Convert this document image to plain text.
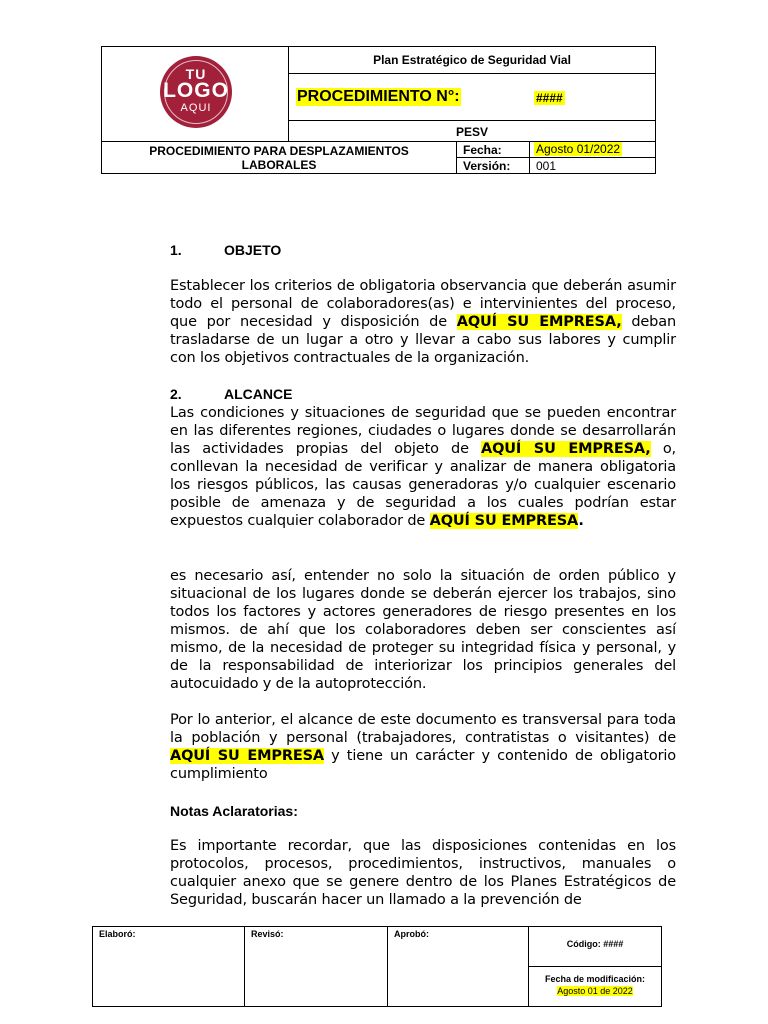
TU
LOGO
AQUI
Plan Estratégico de Seguridad Vial
PROCEDIMIENTO N°:	####
PESV
PROCEDIMIENTO PARA DESPLAZAMIENTOS
LABORALES
Fecha:	Agosto 01/2022
Versión: 001
1.	OBJETO

Establecer los criterios de obligatoria observancia que deberán asumir todo el personal de colaboradores(as) e intervinientes del proceso, que por necesidad y disposición de AQUÍ SU EMPRESA, deban trasladarse de un lugar a otro y llevar a cabo sus labores y cumplir con los objetivos contractuales de la organización.

2.	ALCANCE

Las condiciones y situaciones de seguridad que se pueden encontrar en las diferentes regiones, ciudades o lugares donde se desarrollarán las actividades propias del objeto de AQUÍ SU EMPRESA, o, conllevan la necesidad de verificar y analizar de manera obligatoria los riesgos públicos, las causas generadoras y/o cualquier escenario posible de amenaza y de seguridad a los cuales podrían estar expuestos cualquier colaborador de AQUÍ SU EMPRESA.

es necesario así, entender no solo la situación de orden público y situacional de los lugares donde se deberán ejercer los trabajos, sino todos los factores y actores generadores de riesgo presentes en los mismos. de ahí que los colaboradores deben ser conscientes así mismo, de la necesidad de proteger su integridad física y personal, y de la responsabilidad de interiorizar los principios generales del autocuidado y de la autoprotección.

Por lo anterior, el alcance de este documento es transversal para toda la población y personal (trabajadores, contratistas o visitantes) de AQUÍ SU EMPRESA y tiene un carácter y contenido de obligatorio cumplimiento

Notas Aclaratorias:

Es importante recordar, que las disposiciones contenidas en los protocolos, procesos, procedimientos, instructivos, manuales o cualquier anexo que se genere dentro de los Planes Estratégicos de Seguridad, buscarán hacer un llamado a la prevención de

Elaboró:	Revisó:	Aprobó:
Código: ####
Fecha de modificación:
Agosto 01 de 2022
